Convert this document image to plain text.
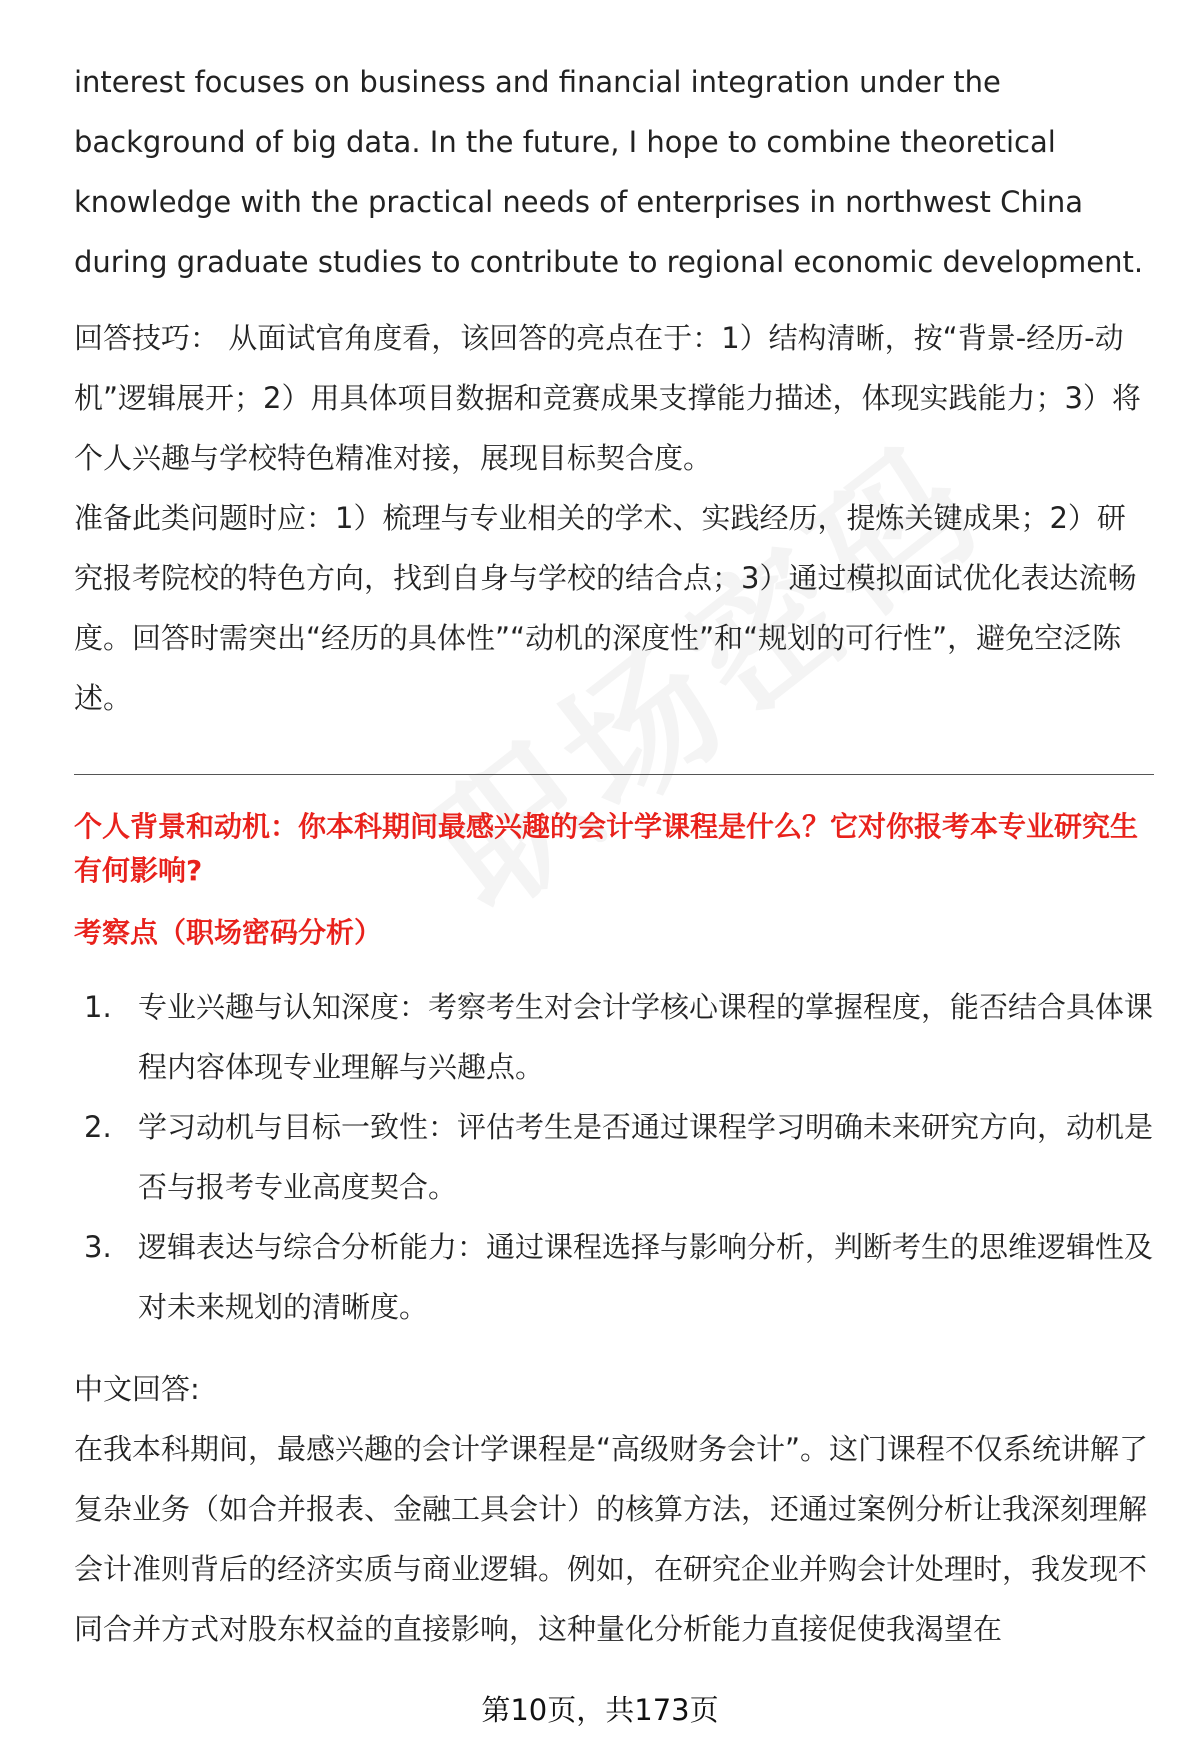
interest focuses on business and financial integration under the background of big data. In the future, I hope to combine theoretical knowledge with the practical needs of enterprises in northwest China during graduate studies to contribute to regional economic development.

回答技巧： 从面试官角度看，该回答的亮点在于：1）结构清晰，按“背景-经历-动机”逻辑展开；2）用具体项目数据和竞赛成果支撑能力描述，体现实践能力；3）将个人兴趣与学校特色精准对接，展现目标契合度。

准备此类问题时应：1）梳理与专业相关的学术、实践经历，提炼关键成果；2）研究报考院校的特色方向，找到自身与学校的结合点；3）通过模拟面试优化表达流畅度。回答时需突出“经历的具体性”“动机的深度性”和“规划的可行性”，避免空泛陈述。

个人背景和动机：你本科期间最感兴趣的会计学课程是什么？它对你报考本专业研究生有何影响?

考察点（职场密码分析）

1. 专业兴趣与认知深度：考察考生对会计学核心课程的掌握程度，能否结合具体课程内容体现专业理解与兴趣点。
2. 学习动机与目标一致性：评估考生是否通过课程学习明确未来研究方向，动机是否与报考专业高度契合。
3. 逻辑表达与综合分析能力：通过课程选择与影响分析，判断考生的思维逻辑性及对未来规划的清晰度。

中文回答:

在我本科期间，最感兴趣的会计学课程是“高级财务会计”。这门课程不仅系统讲解了复杂业务（如合并报表、金融工具会计）的核算方法，还通过案例分析让我深刻理解会计准则背后的经济实质与商业逻辑。例如，在研究企业并购会计处理时，我发现不同合并方式对股东权益的直接影响，这种量化分析能力直接促使我渴望在

第10页，共173页
